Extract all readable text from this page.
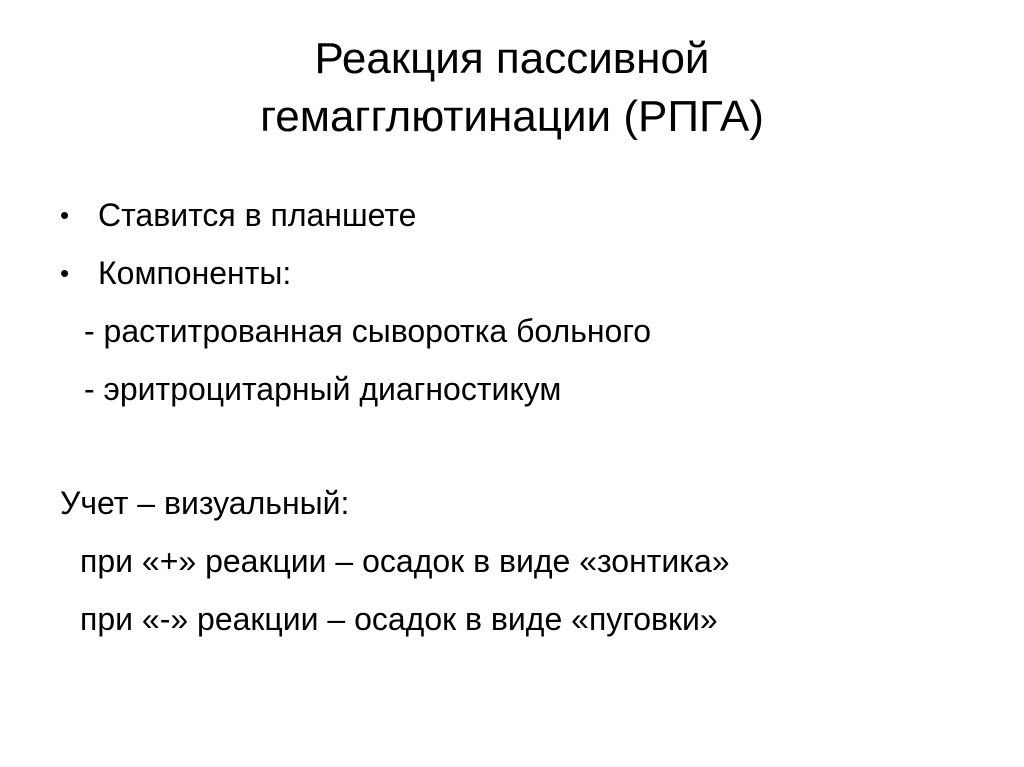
Реакция пассивной
гемагглютинации (РПГА)
• Ставится в планшете
• Компоненты:
- раститрованная сыворотка больного
- эритроцитарный диагностикум
Учет – визуальный:
при «+» реакции – осадок в виде «зонтика»
при «-» реакции – осадок в виде «пуговки»
